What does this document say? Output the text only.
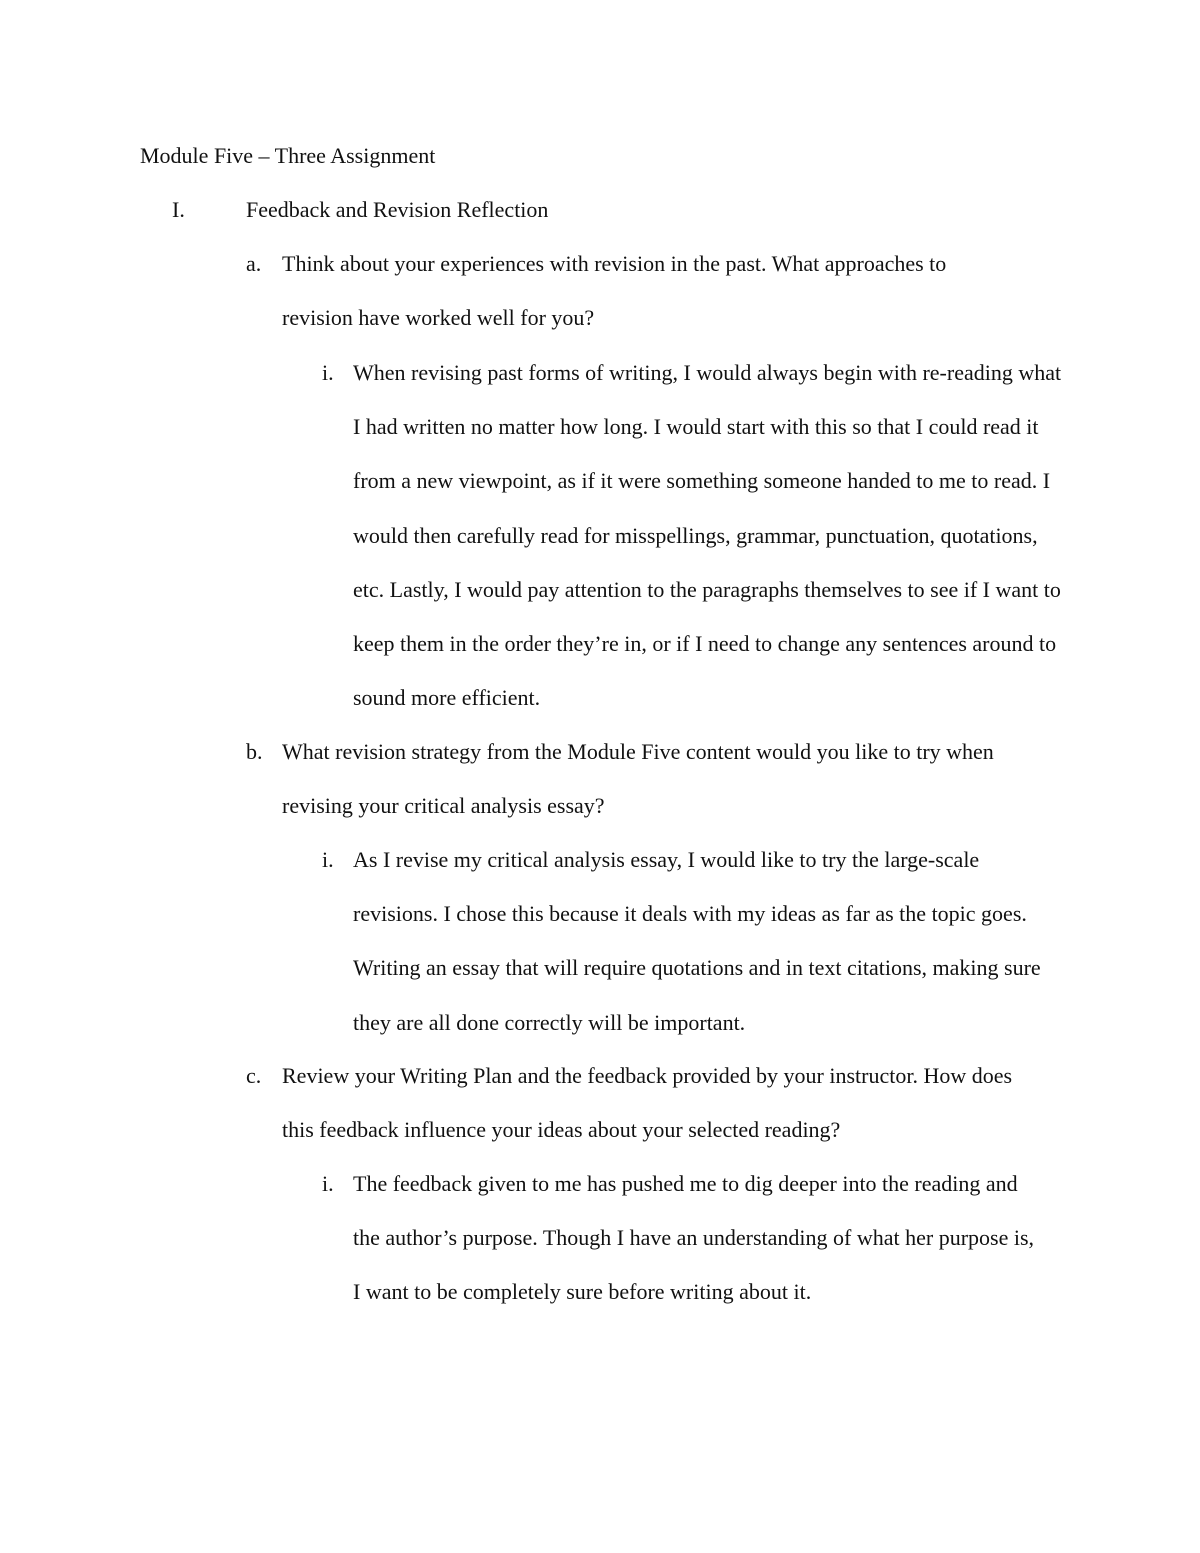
Module Five – Three Assignment
I.	Feedback and Revision Reflection
a. Think about your experiences with revision in the past. What approaches to revision have worked well for you?

i. When revising past forms of writing, I would always begin with re-reading what I had written no matter how long. I would start with this so that I could read it from a new viewpoint, as if it were something someone handed to me to read. I would then carefully read for misspellings, grammar, punctuation, quotations, etc. Lastly, I would pay attention to the paragraphs themselves to see if I want to keep them in the order they’re in, or if I need to change any sentences around to sound more efficient.

b. What revision strategy from the Module Five content would you like to try when revising your critical analysis essay?

i. As I revise my critical analysis essay, I would like to try the large-scale revisions. I chose this because it deals with my ideas as far as the topic goes. Writing an essay that will require quotations and in text citations, making sure they are all done correctly will be important.

c. Review your Writing Plan and the feedback provided by your instructor. How does this feedback influence your ideas about your selected reading?

i. The feedback given to me has pushed me to dig deeper into the reading and the author’s purpose. Though I have an understanding of what her purpose is, I want to be completely sure before writing about it.
